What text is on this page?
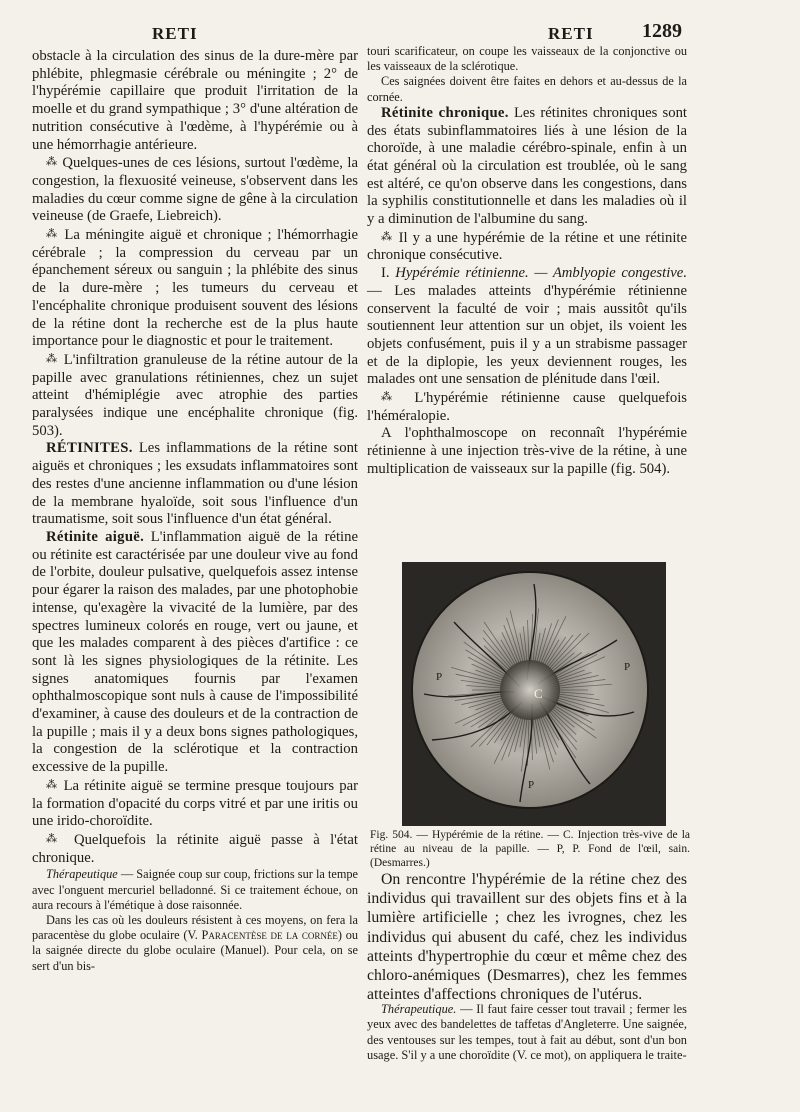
RETI	RETI 1289

obstacle à la circulation des sinus de la dure-mère par phlébite, phlegmasie cérébrale ou méningite ; 2° de l'hypérémie capillaire que produit l'irritation de la moelle et du grand sympathique ; 3° d'une altération de nutrition consécutive à l'œdème, à l'hypérémie ou à une hémorrhagie antérieure.

⁂ Quelques-unes de ces lésions, surtout l'œdème, la congestion, la flexuosité veineuse, s'observent dans les maladies du cœur comme signe de gêne à la circulation veineuse (de Graefe, Liebreich).

⁂ La méningite aiguë et chronique ; l'hémorrhagie cérébrale ; la compression du cerveau par un épanchement séreux ou sanguin ; la phlébite des sinus de la dure-mère ; les tumeurs du cerveau et l'encéphalite chronique produisent souvent des lésions de la rétine dont la recherche est de la plus haute importance pour le diagnostic et pour le traitement.

⁂ L'infiltration granuleuse de la rétine autour de la papille avec granulations rétiniennes, chez un sujet atteint d'hémiplégie avec atrophie des parties paralysées indique une encéphalite chronique (fig. 503).

RÉTINITES. Les inflammations de la rétine sont aiguës et chroniques ; les exsudats inflammatoires sont des restes d'une ancienne inflammation ou d'une lésion de la membrane hyaloïde, soit sous l'influence d'un traumatisme, soit sous l'influence d'un état général.

Rétinite aiguë. L'inflammation aiguë de la rétine ou rétinite est caractérisée par une douleur vive au fond de l'orbite, douleur pulsative, quelquefois assez intense pour égarer la raison des malades, par une photophobie intense, qu'exagère la vivacité de la lumière, par des spectres lumineux colorés en rouge, vert ou jaune, et que les malades comparent à des pièces d'artifice : ce sont là les signes physiologiques de la rétinite. Les signes anatomiques fournis par l'examen ophthalmoscopique sont nuls à cause de l'impossibilité d'examiner, à cause des douleurs et de la contraction de la pupille ; mais il y a deux bons signes pathologiques, la congestion de la sclérotique et la contraction excessive de la pupille.

⁂ La rétinite aiguë se termine presque toujours par la formation d'opacité du corps vitré et par une iritis ou une irido-choroïdite.

⁂ Quelquefois la rétinite aiguë passe à l'état chronique.

Thérapeutique — Saignée coup sur coup, frictions sur la tempe avec l'onguent mercuriel belladonné. Si ce traitement échoue, on aura recours à l'émétique à dose raisonnée.

Dans les cas où les douleurs résistent à ces moyens, on fera la paracentèse du globe oculaire (V. Paracentèse de la cornée) ou la saignée directe du globe oculaire (Manuel). Pour cela, on se sert d'un bis-

touri scarificateur, on coupe les vaisseaux de la conjonctive ou les vaisseaux de la sclérotique.

Ces saignées doivent être faites en dehors et au-dessus de la cornée.

Rétinite chronique. Les rétinites chroniques sont des états subinflammatoires liés à une lésion de la choroïde, à une maladie cérébro-spinale, enfin à un état général où la circulation est troublée, où le sang est altéré, ce qu'on observe dans les congestions, dans la syphilis constitutionnelle et dans les maladies où il y a diminution de l'albumine du sang.

⁂ Il y a une hypérémie de la rétine et une rétinite chronique consécutive.

I. Hypérémie rétinienne. — Amblyopie congestive. — Les malades atteints d'hypérémie rétinienne conservent la faculté de voir ; mais aussitôt qu'ils soutiennent leur attention sur un objet, ils voient les objets confusément, puis il y a un strabisme passager et de la diplopie, les yeux deviennent rouges, les malades ont une sensation de plénitude dans l'œil.

⁂ L'hypérémie rétinienne cause quelquefois l'héméralopie.

A l'ophthalmoscope on reconnaît l'hypérémie rétinienne à une injection très-vive de la rétine, à une multiplication de vaisseaux sur la papille (fig. 504).

C
P
P
P
Fig. 504. — Hypérémie de la rétine. — C. Injection très-vive de la rétine au niveau de la papille. — P, P. Fond de l'œil, sain. (Desmarres.)

On rencontre l'hypérémie de la rétine chez des individus qui travaillent sur des objets fins et à la lumière artificielle ; chez les ivrognes, chez les individus qui abusent du café, chez les individus atteints d'hypertrophie du cœur et même chez des chloro-anémiques (Desmarres), chez les femmes atteintes d'affections chroniques de l'utérus.

Thérapeutique. — Il faut faire cesser tout travail ; fermer les yeux avec des bandelettes de taffetas d'Angleterre. Une saignée, des ventouses sur les tempes, tout à fait au début, sont d'un bon usage. S'il y a une choroïdite (V. ce mot), on appliquera le traite-
